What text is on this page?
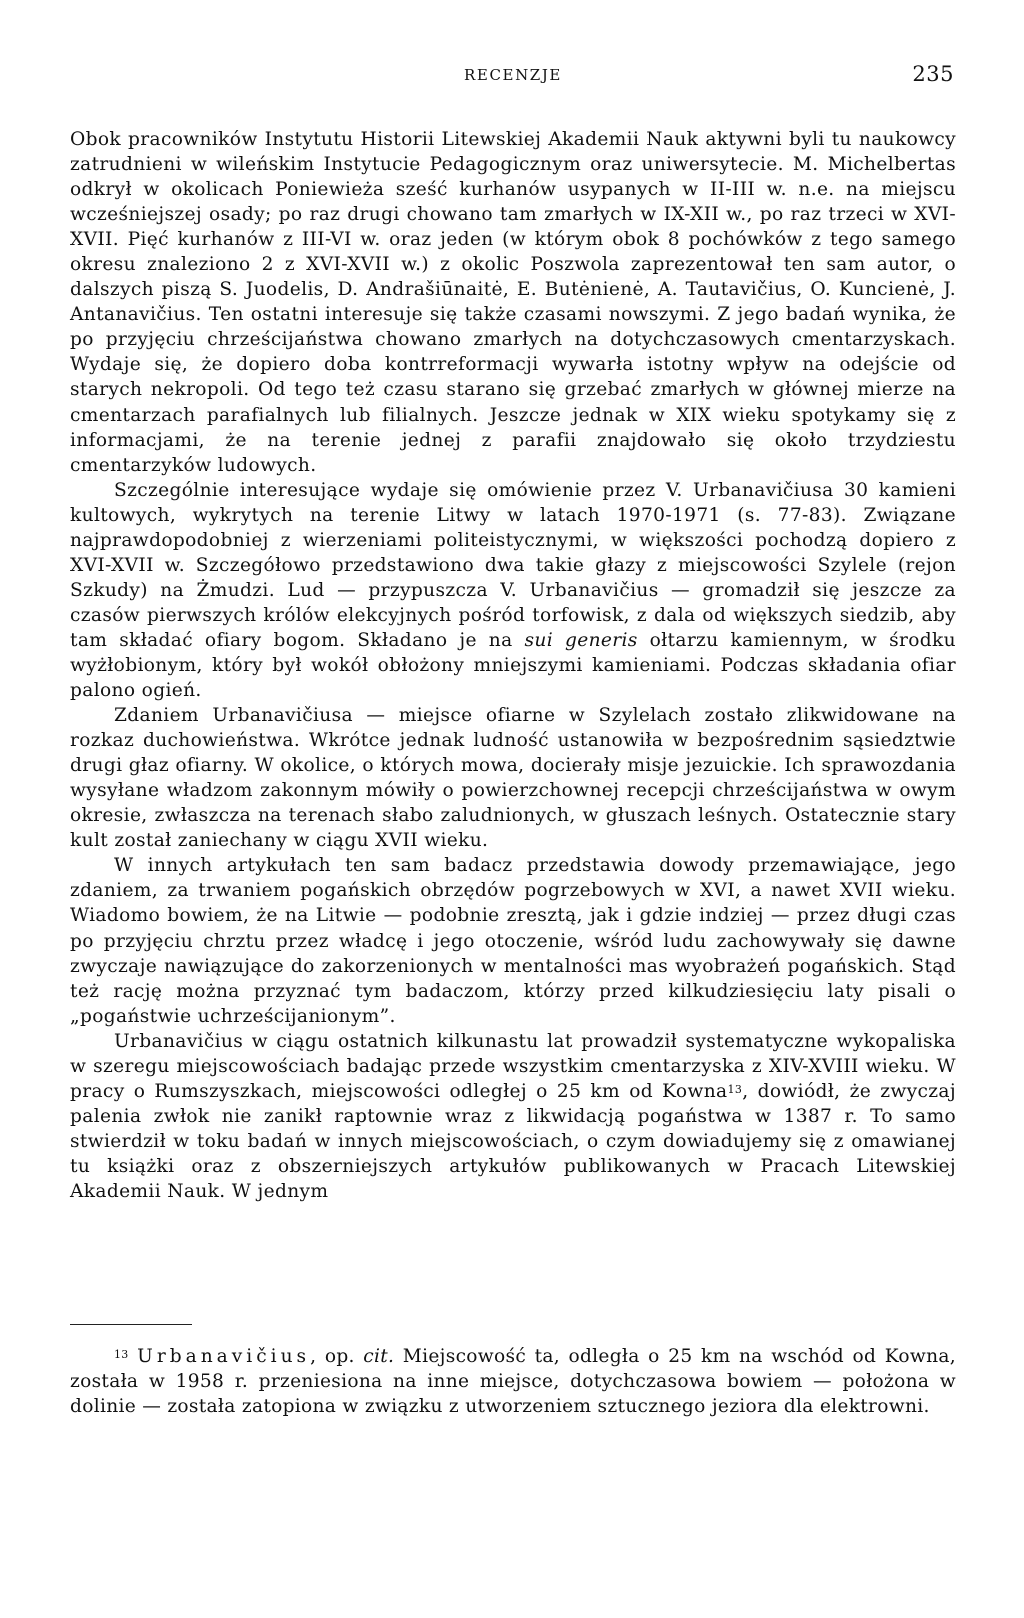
RECENZJE	235

Obok pracowników Instytutu Historii Litewskiej Akademii Nauk aktywni byli tu naukowcy zatrudnieni w wileńskim Instytucie Pedagogicznym oraz uniwersytecie. M. Michelbertas odkrył w okolicach Poniewieża sześć kurhanów usypanych w II-III w. n.e. na miejscu wcześniejszej osady; po raz drugi chowano tam zmarłych w IX-XII w., po raz trzeci w XVI-XVII. Pięć kurhanów z III-VI w. oraz jeden (w którym obok 8 pochówków z tego samego okresu znaleziono 2 z XVI-XVII w.) z okolic Poszwola zaprezentował ten sam autor, o dalszych piszą S. Juodelis, D. Andrašiūnaitė, E. Butėnienė, A. Tautavičius, O. Kuncienė, J. Antanavičius. Ten ostatni interesuje się także czasami nowszymi. Z jego badań wynika, że po przyjęciu chrześcijaństwa chowano zmarłych na dotychczasowych cmentarzyskach. Wydaje się, że dopiero doba kontrreformacji wywarła istotny wpływ na odejście od starych nekropoli. Od tego też czasu starano się grzebać zmarłych w głównej mierze na cmentarzach parafialnych lub filialnych. Jeszcze jednak w XIX wieku spotykamy się z informacjami, że na terenie jednej z parafii znajdowało się około trzydziestu cmentarzyków ludowych.

Szczególnie interesujące wydaje się omówienie przez V. Urbanavičiusa 30 kamieni kultowych, wykrytych na terenie Litwy w latach 1970-1971 (s. 77-83). Związane najprawdopodobniej z wierzeniami politeistycznymi, w większości pochodzą dopiero z XVI-XVII w. Szczegółowo przedstawiono dwa takie głazy z miejscowości Szylele (rejon Szkudy) na Żmudzi. Lud — przypuszcza V. Urbanavičius — gromadził się jeszcze za czasów pierwszych królów elekcyjnych pośród torfowisk, z dala od większych siedzib, aby tam składać ofiary bogom. Składano je na sui generis ołtarzu kamiennym, w środku wyżłobionym, który był wokół obłożony mniejszymi kamieniami. Podczas składania ofiar palono ogień.

Zdaniem Urbanavičiusa — miejsce ofiarne w Szylelach zostało zlikwidowane na rozkaz duchowieństwa. Wkrótce jednak ludność ustanowiła w bezpośrednim sąsiedztwie drugi głaz ofiarny. W okolice, o których mowa, docierały misje jezuickie. Ich sprawozdania wysyłane władzom zakonnym mówiły o powierzchownej recepcji chrześcijaństwa w owym okresie, zwłaszcza na terenach słabo zaludnionych, w głuszach leśnych. Ostatecznie stary kult został zaniechany w ciągu XVII wieku.

W innych artykułach ten sam badacz przedstawia dowody przemawiające, jego zdaniem, za trwaniem pogańskich obrzędów pogrzebowych w XVI, a nawet XVII wieku. Wiadomo bowiem, że na Litwie — podobnie zresztą, jak i gdzie indziej — przez długi czas po przyjęciu chrztu przez władcę i jego otoczenie, wśród ludu zachowywały się dawne zwyczaje nawiązujące do zakorzenionych w mentalności mas wyobrażeń pogańskich. Stąd też rację można przyznać tym badaczom, którzy przed kilkudziesięciu laty pisali o „pogaństwie uchrześcijanionym”.

Urbanavičius w ciągu ostatnich kilkunastu lat prowadził systematyczne wykopaliska w szeregu miejscowościach badając przede wszystkim cmentarzyska z XIV-XVIII wieku. W pracy o Rumszyszkach, miejscowości odległej o 25 km od Kowna$^{13}$, dowiódł, że zwyczaj palenia zwłok nie zanikł raptownie wraz z likwidacją pogaństwa w 1387 r. To samo stwierdził w toku badań w innych miejscowościach, o czym dowiadujemy się z omawianej tu książki oraz z obszerniejszych artykułów publikowanych w Pracach Litewskiej Akademii Nauk. W jednym

$^{13}$ Urbanavičius, op. cit. Miejscowość ta, odległa o 25 km na wschód od Kowna, została w 1958 r. przeniesiona na inne miejsce, dotychczasowa bowiem — położona w dolinie — została zatopiona w związku z utworzeniem sztucznego jeziora dla elektrowni.
